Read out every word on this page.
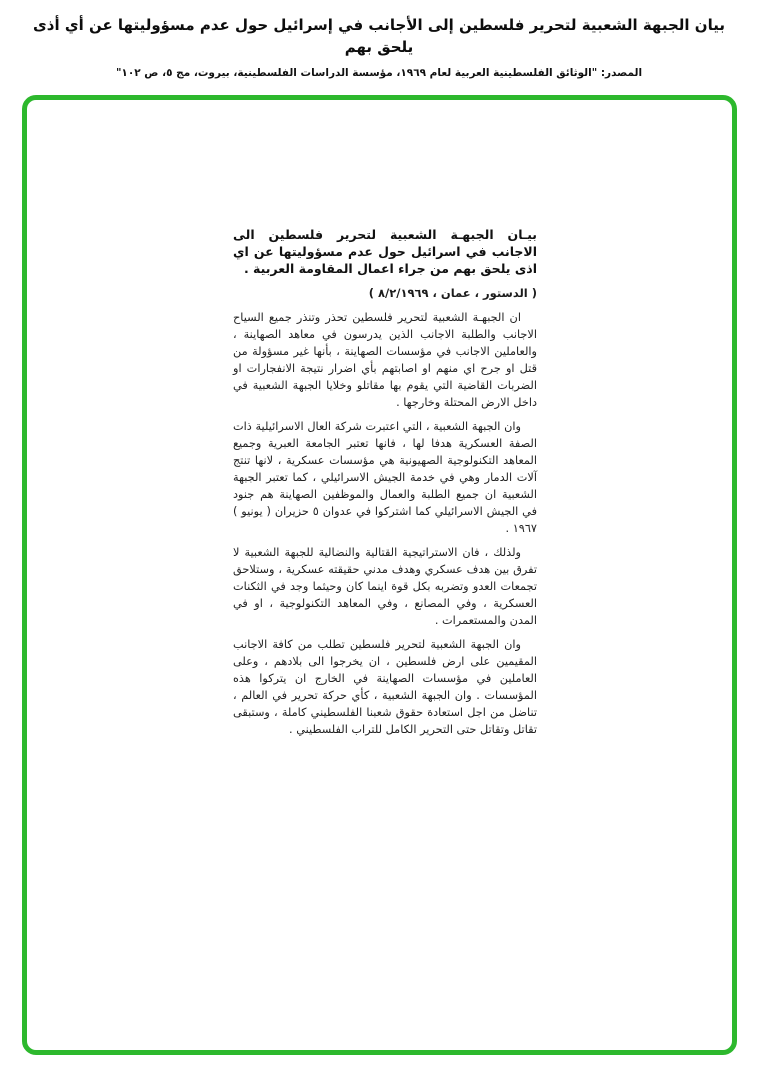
بيان الجبهة الشعبية لتحرير فلسطين إلى الأجانب في إسرائيل حول عدم مسؤوليتها عن أي أذى يلحق بهم
المصدر: "الوثائق الفلسطينية العربية لعام ١٩٦٩، مؤسسة الدراسات الفلسطينية، بيروت، مج ٥، ص ١٠٢"
بيـان الجبهـة الشعبية لتحرير فلسطين الى الاجانب في اسرائيل حول عدم مسؤوليتها عن اي اذى يلحق بهم من جراء اعمال المقاومة العربية .

( الدستور ، عمان ، ٨/٢/١٩٦٩ )

ان الجبهـة الشعبية لتحرير فلسطين تحذر وتنذر جميع السياح الاجانب والطلبة الاجانب الذين يدرسون في معاهد الصهاينة ، والعاملين الاجانب في مؤسسات الصهاينة ، بأنها غير مسؤولة من قتل او جرح اي منهم او اصابتهم بأي اضرار نتيجة الانفجارات او الضربات القاضية التي يقوم بها مقاتلو وخلايا الجبهة الشعبية في داخل الارض المحتلة وخارجها .

وان الجبهة الشعبية ، التي اعتبرت شركة العال الاسرائيلية ذات الصفة العسكرية هدفا لها ، فانها تعتبر الجامعة العبرية وجميع المعاهد التكنولوجية الصهيونية هي مؤسسات عسكرية ، لانها تنتج آلات الدمار وهي في خدمة الجيش الاسرائيلي ، كما تعتبر الجبهة الشعبية ان جميع الطلبة والعمال والموظفين الصهاينة هم جنود في الجيش الاسرائيلي كما اشتركوا في عدوان ٥ حزيران ( يونيو ) ١٩٦٧ .

ولذلك ، فان الاستراتيجية القتالية والنضالية للجبهة الشعبية لا تفرق بين هدف عسكري وهدف مدني حقيقته عسكرية ، وستلاحق تجمعات العدو وتضربه بكل قوة اينما كان وحيثما وجد في الثكنات العسكرية ، وفي المصانع ، وفي المعاهد التكنولوجية ، او في المدن والمستعمرات .

وان الجبهة الشعبية لتحرير فلسطين تطلب من كافة الاجانب المقيمين على ارض فلسطين ، ان يخرجوا الى بلادهم ، وعلى العاملين في مؤسسات الصهاينة في الخارج ان يتركوا هذه المؤسسات . وان الجبهة الشعبية ، كأي حركة تحرير في العالم ، تناضل من اجل استعادة حقوق شعبنا الفلسطيني كاملة ، وستبقى تقاتل وتقاتل حتى التحرير الكامل للتراب الفلسطيني .
